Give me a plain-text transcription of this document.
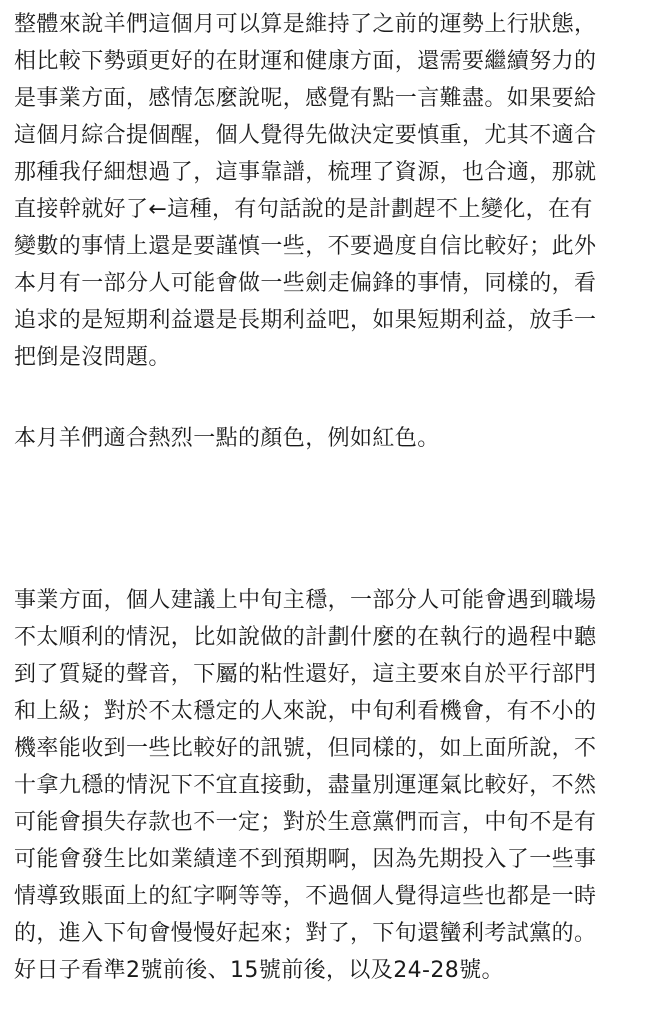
整體來說羊們這個月可以算是維持了之前的運勢上行狀態，
相比較下勢頭更好的在財運和健康方面，還需要繼續努力的
是事業方面，感情怎麼說呢，感覺有點一言難盡。如果要給
這個月綜合提個醒，個人覺得先做決定要慎重，尤其不適合
那種我仔細想過了，這事靠譜，梳理了資源，也合適，那就
直接幹就好了←這種，有句話說的是計劃趕不上變化，在有
變數的事情上還是要謹慎一些，不要過度自信比較好；此外
本月有一部分人可能會做一些劍走偏鋒的事情，同樣的，看
追求的是短期利益還是長期利益吧，如果短期利益，放手一
把倒是沒問題。

本月羊們適合熱烈一點的顏色，例如紅色。

事業方面，個人建議上中旬主穩，一部分人可能會遇到職場
不太順利的情況，比如說做的計劃什麼的在執行的過程中聽
到了質疑的聲音，下屬的粘性還好，這主要來自於平行部門
和上級；對於不太穩定的人來說，中旬利看機會，有不小的
機率能收到一些比較好的訊號，但同樣的，如上面所說，不
十拿九穩的情況下不宜直接動，盡量別運運氣比較好，不然
可能會損失存款也不一定；對於生意黨們而言，中旬不是有
可能會發生比如業績達不到預期啊，因為先期投入了一些事
情導致賬面上的紅字啊等等，不過個人覺得這些也都是一時
的，進入下旬會慢慢好起來；對了，下旬還蠻利考試黨的。
好日子看準2號前後、15號前後，以及24-28號。
